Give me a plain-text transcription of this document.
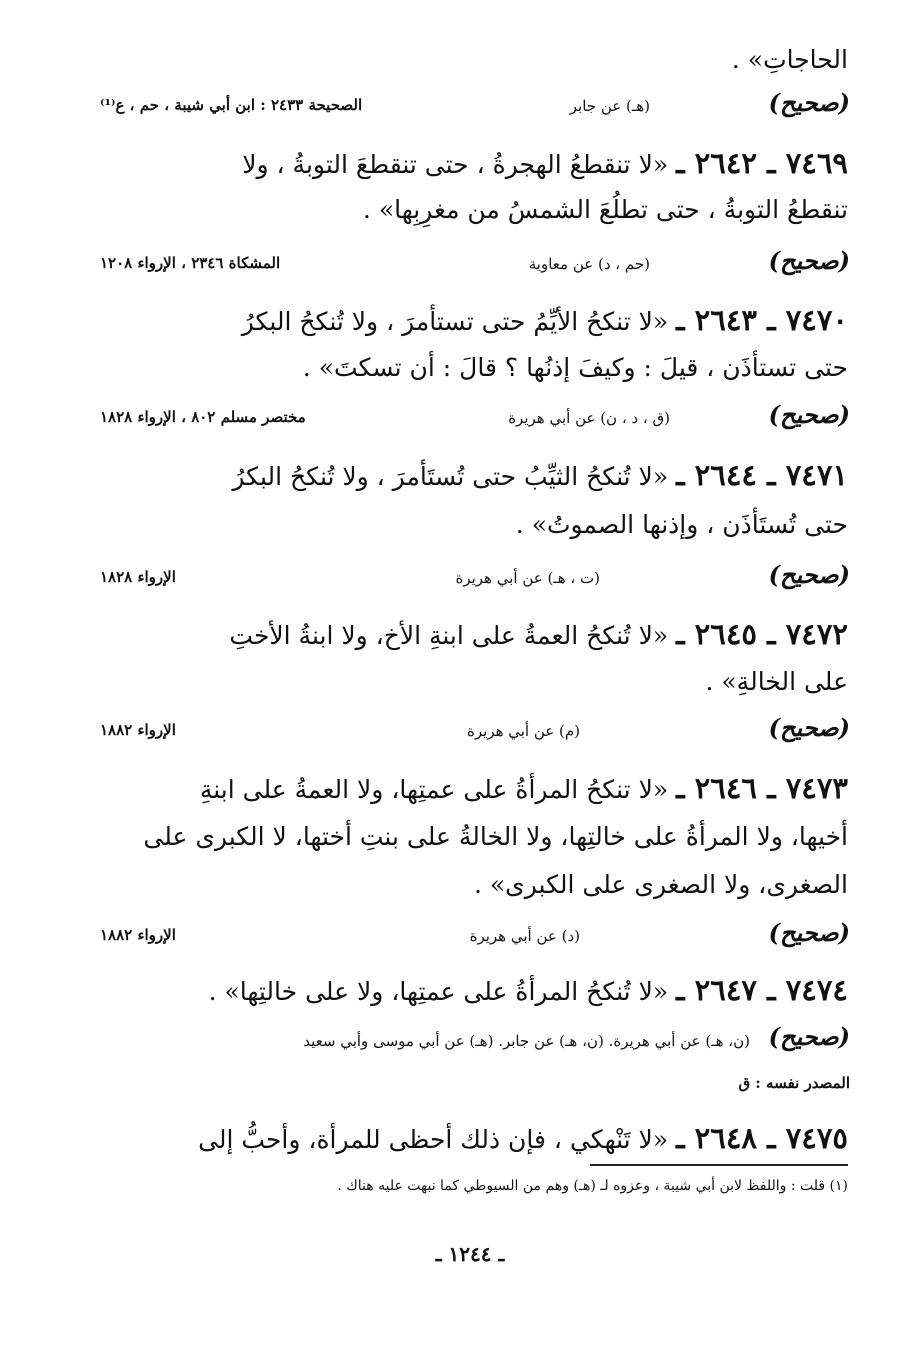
الحاجاتِ» .
(صحيح)
(هـ) عن جابر
الصحيحة ٢٤٣٣ : ابن أبي شيبة ، حم ، ع⁽¹⁾
٧٤٦٩ ـ ٢٦٤٢ ـ «لا تنقطعُ الهجرةُ ، حتى تنقطعَ التوبةُ ، ولا
تنقطعُ التوبةُ ، حتى تطلُعَ الشمسُ من مغرِبِها» .
(صحيح)
(حم ، د) عن معاوية
المشكاة ٢٣٤٦ ، الإرواء ١٢٠٨
٧٤٧٠ ـ ٢٦٤٣ ـ «لا تنكحُ الأيِّمُ حتى تستأمرَ ، ولا تُنكحُ البكرُ
حتى تستأذَن ، قيلَ : وكيفَ إذنُها ؟ قالَ : أن تسكتَ» .
(صحيح)
(ق ، د ، ن) عن أبي هريرة
مختصر مسلم ٨٠٢ ، الإرواء ١٨٢٨
٧٤٧١ ـ ٢٦٤٤ ـ «لا تُنكحُ الثيِّبُ حتى تُستَأمرَ ، ولا تُنكحُ البكرُ
حتى تُستَأذَن ، وإذنها الصموتُ» .
(صحيح)
(ت ، هـ) عن أبي هريرة
الإرواء ١٨٢٨
٧٤٧٢ ـ ٢٦٤٥ ـ «لا تُنكحُ العمةُ على ابنةِ الأخ، ولا ابنةُ الأختِ
على الخالةِ» .
(صحيح)
(م) عن أبي هريرة
الإرواء ١٨٨٢
٧٤٧٣ ـ ٢٦٤٦ ـ «لا تنكحُ المرأةُ على عمتِها، ولا العمةُ على ابنةِ
أخيها، ولا المرأةُ على خالتِها، ولا الخالةُ على بنتِ أختها، لا الكبرى على
الصغرى، ولا الصغرى على الكبرى» .
(صحيح)
(د) عن أبي هريرة
الإرواء ١٨٨٢
٧٤٧٤ ـ ٢٦٤٧ ـ «لا تُنكحُ المرأةُ على عمتِها، ولا على خالتِها» .
(صحيح)
(ن، هـ) عن أبي هريرة. (ن، هـ) عن جابر. (هـ) عن أبي موسى وأبي سعيد
المصدر نفسه : ق
٧٤٧٥ ـ ٢٦٤٨ ـ «لا تَنْهكي ، فإن ذلك أحظى للمرأة، وأحبُّ إلى
(١) قلت : واللفظ لابن أبي شيبة ، وعزوه لـ (هـ) وهم من السيوطي كما نبهت عليه هناك .
ـ ١٢٤٤ ـ
